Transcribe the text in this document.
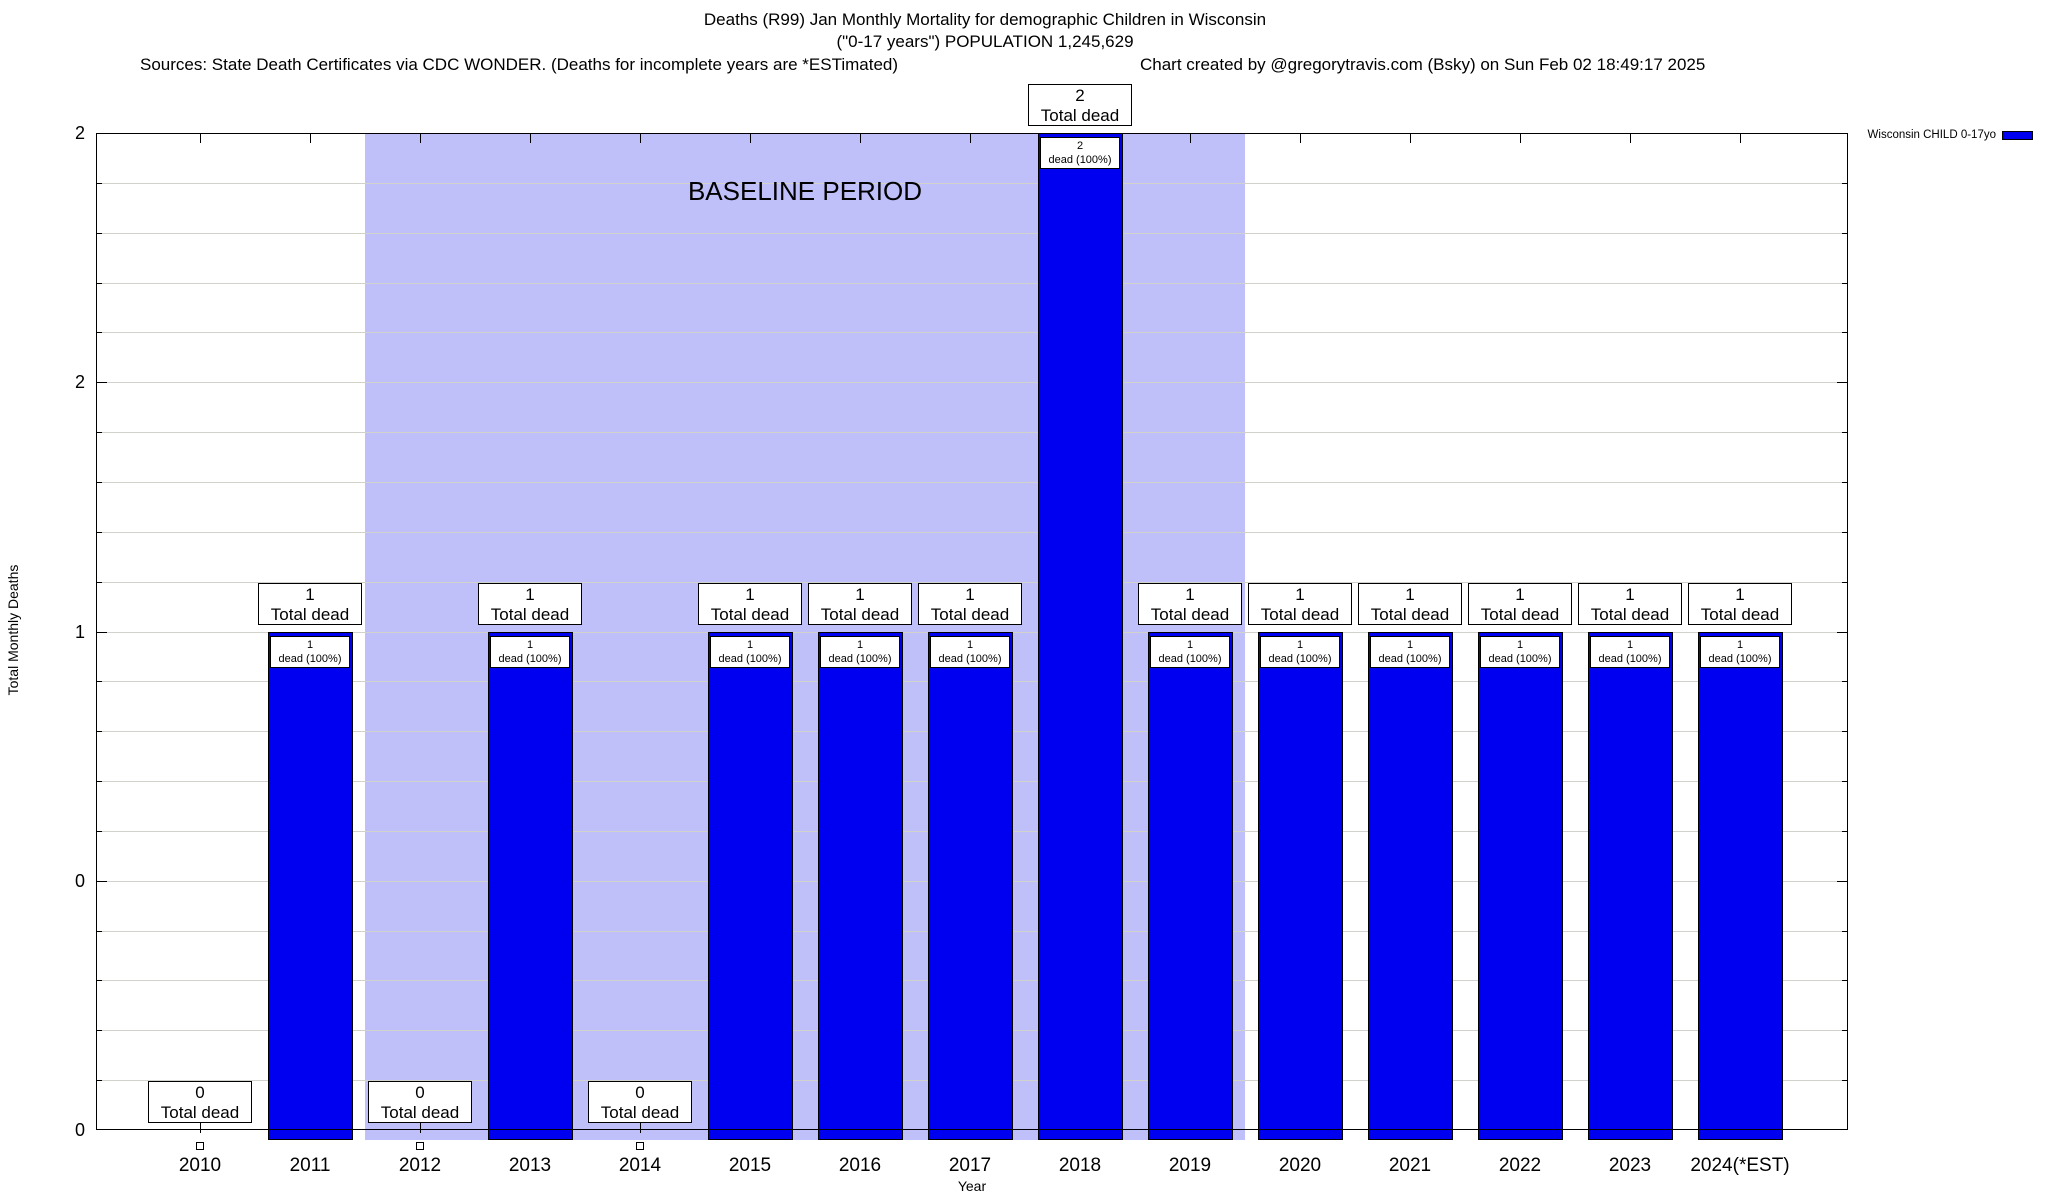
Deaths (R99) Jan Monthly Mortality for demographic Children in Wisconsin
("0-17 years") POPULATION 1,245,629
Sources: State Death Certificates via CDC WONDER. (Deaths for incomplete years are *ESTimated)	Chart created by @gregorytravis.com (Bsky) on Sun Feb 02 18:49:17 2025
Wisconsin CHILD 0-17yo
Total Monthly Deaths
Year
0
Total dead
1
dead (100%)
1
Total dead
0
Total dead
1
dead (100%)
1
Total dead
0
Total dead
1
dead (100%)
1
Total dead
1
dead (100%)
1
Total dead
1
dead (100%)
1
Total dead
2
dead (100%)
2
Total dead
1
dead (100%)
1
Total dead
1
dead (100%)
1
Total dead
1
dead (100%)
1
Total dead
1
dead (100%)
1
Total dead
1
dead (100%)
1
Total dead
1
dead (100%)
1
Total dead
0
0
1
2
2
2010	2011	2012	2013	2014	2015	2016	2017	2018	2019	2020	2021	2022	2023	2024(*EST)
BASELINE PERIOD
